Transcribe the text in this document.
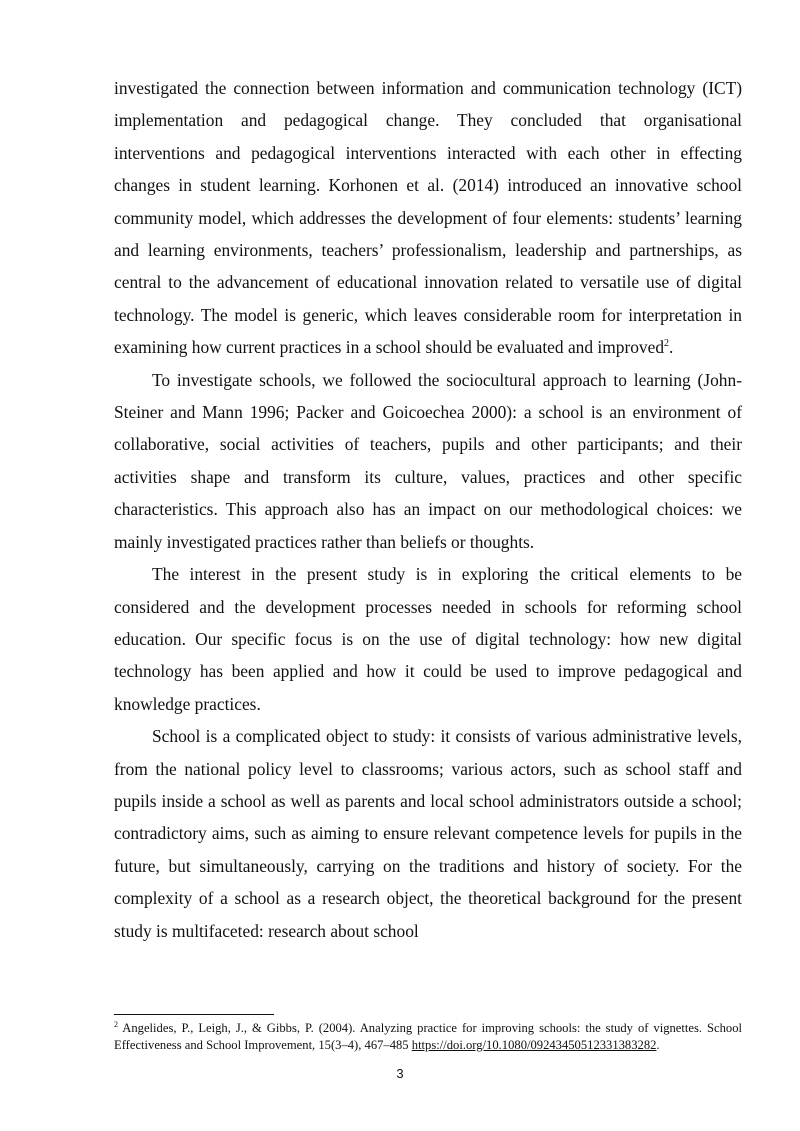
investigated the connection between information and communication technology (ICT) implementation and pedagogical change. They concluded that organisational interventions and pedagogical interventions interacted with each other in effecting changes in student learning. Korhonen et al. (2014) introduced an innovative school community model, which addresses the development of four elements: students’ learning and learning environments, teachers’ professionalism, leadership and partnerships, as central to the advancement of educational innovation related to versatile use of digital technology. The model is generic, which leaves considerable room for interpretation in examining how current practices in a school should be evaluated and improved$^2$.

To investigate schools, we followed the sociocultural approach to learning (John-Steiner and Mann 1996; Packer and Goicoechea 2000): a school is an environment of collaborative, social activities of teachers, pupils and other participants; and their activities shape and transform its culture, values, practices and other specific characteristics. This approach also has an impact on our methodological choices: we mainly investigated practices rather than beliefs or thoughts.

The interest in the present study is in exploring the critical elements to be considered and the development processes needed in schools for reforming school education. Our specific focus is on the use of digital technology: how new digital technology has been applied and how it could be used to improve pedagogical and knowledge practices.

School is a complicated object to study: it consists of various administrative levels, from the national policy level to classrooms; various actors, such as school staff and pupils inside a school as well as parents and local school administrators outside a school; contradictory aims, such as aiming to ensure relevant competence levels for pupils in the future, but simultaneously, carrying on the traditions and history of society. For the complexity of a school as a research object, the theoretical background for the present study is multifaceted: research about school

$^2$ Angelides, P., Leigh, J., & Gibbs, P. (2004). Analyzing practice for improving schools: the study of vignettes. School Effectiveness and School Improvement, 15(3–4), 467–485 https://doi.org/10.1080/09243450512331383282.

3
